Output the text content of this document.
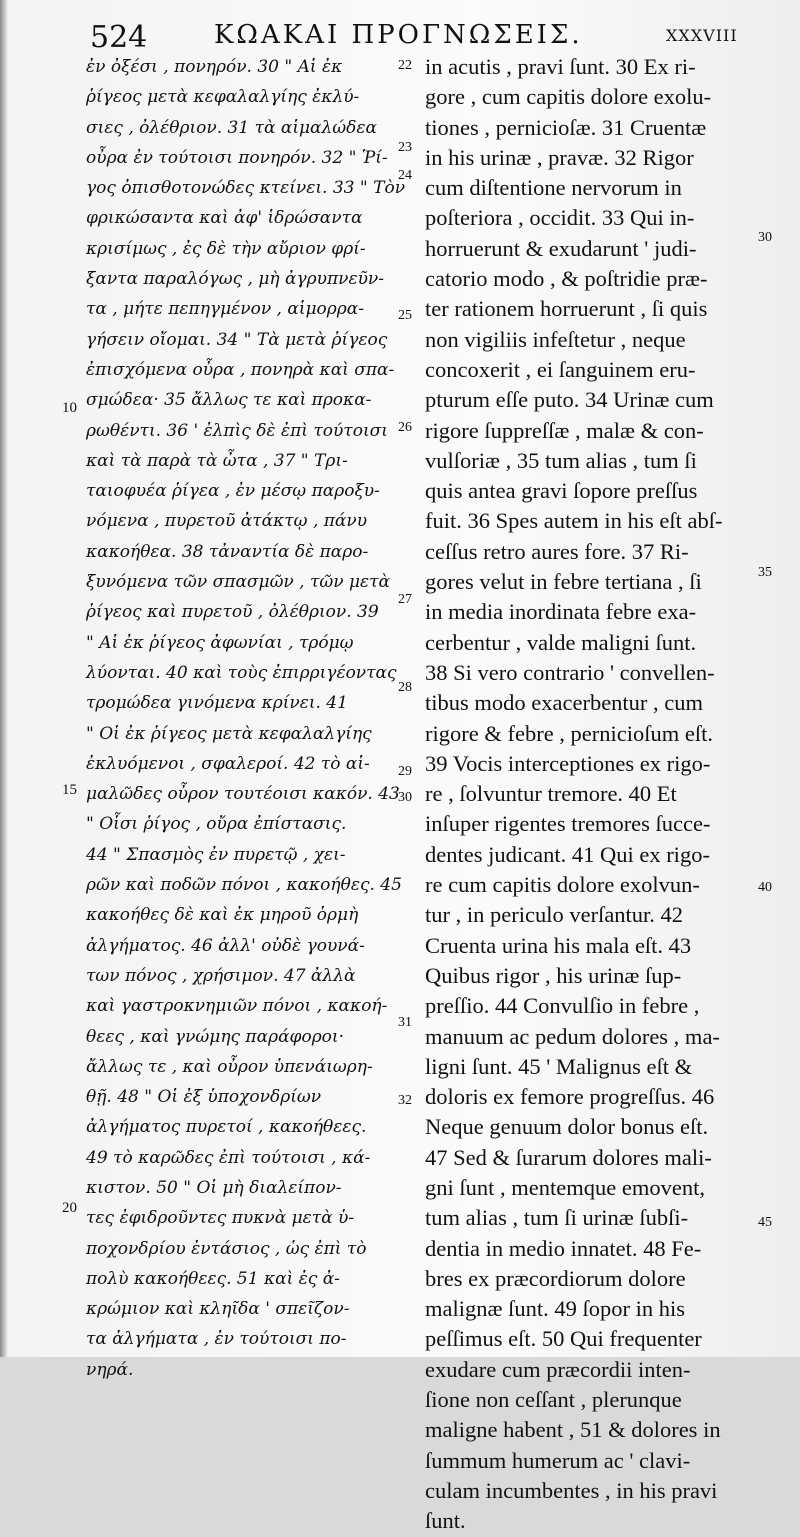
524	ΚΩΑΚΑΙ ΠΡΟΓΝΩΣΕΙΣ.	XXXVIII
ἐν ὀξέσι , πονηρόν. 30 " Αἱ ἐκ
ῥίγεος μετὰ κεφαλαλγίης ἐκλύ-
σιες , ὀλέθριον. 31 τὰ αἱμαλώδεα
οὖρα ἐν τούτοισι πονηρόν. 32 " Ῥί-
γος ὀπισθοτονώδες κτείνει. 33 " Τὸν
φρικώσαντα καὶ ἀφ' ἱδρώσαντα
κρισίμως , ἐς δὲ τὴν αὔριον φρί-
ξαντα παραλόγως , μὴ ἀγρυπνεῦν-
τα , μήτε πεπηγμένον , αἱμορρα-
γήσειν οἴομαι. 34 " Τὰ μετὰ ῥίγεος
ἐπισχόμενα οὖρα , πονηρὰ καὶ σπα-
σμώδεα· 35 ἄλλως τε καὶ προκα-
ρωθέντι. 36 ' ἐλπὶς δὲ ἐπὶ τούτοισι
καὶ τὰ παρὰ τὰ ὦτα , 37 " Τρι-
ταιοφυέα ῥίγεα , ἐν μέσῳ παροξυ-
νόμενα , πυρετοῦ ἀτάκτῳ , πάνυ
κακοήθεα. 38 τἀναντία δὲ παρο-
ξυνόμενα τῶν σπασμῶν , τῶν μετὰ
ῥίγεος καὶ πυρετοῦ , ὀλέθριον. 39
" Αἱ ἐκ ῥίγεος ἀφωνίαι , τρόμῳ
λύονται. 40 καὶ τοὺς ἐπιρριγέοντας
τρομώδεα γινόμενα κρίνει. 41
" Οἱ ἐκ ῥίγεος μετὰ κεφαλαλγίης
ἐκλυόμενοι , σφαλεροί. 42 τὸ αἱ-
μαλῶδες οὖρον τουτέοισι κακόν. 43
" Οἷσι ῥίγος , οὔρα ἐπίστασις.
44 " Σπασμὸς ἐν πυρετῷ , χει-
ρῶν καὶ ποδῶν πόνοι , κακοήθες. 45
κακοήθες δὲ καὶ ἐκ μηροῦ ὁρμὴ
ἀλγήματος. 46 ἀλλ' οὐδὲ γουνά-
των πόνος , χρήσιμον. 47 ἀλλὰ
καὶ γαστροκνημιῶν πόνοι , κακοή-
θεες , καὶ γνώμης παράφοροι·
ἄλλως τε , καὶ οὖρον ὑπενάιωρη-
θῇ. 48 " Οἱ ἐξ ὑποχονδρίων
ἀλγήματος πυρετοί , κακοήθεες.
49 τὸ καρῶδες ἐπὶ τούτοισι , κά-
κιστον. 50 " Οἱ μὴ διαλείπον-
τες ἐφιδροῦντες πυκνὰ μετὰ ὑ-
ποχονδρίου ἐντάσιος , ὡς ἐπὶ τὸ
πολὺ κακοήθεες. 51 καὶ ἐς ἀ-
κρώμιον καὶ κληῖδα ' σπεῖζον-
τα ἀλγήματα , ἐν τούτοισι πο-
νηρά.
in acutis , pravi ſunt. 30 Ex ri-
gore , cum capitis dolore exolu-
tiones , pernicioſæ. 31 Cruentæ
in his urinæ , pravæ. 32 Rigor
cum diſtentione nervorum in
poſteriora , occidit. 33 Qui in-
horruerunt & exudarunt ' judi-
catorio modo , & poſtridie præ-
ter rationem horruerunt , ſi quis
non vigiliis infeſtetur , neque
concoxerit , ei ſanguinem eru-
pturum eſſe puto. 34 Urinæ cum
rigore ſuppreſſæ , malæ & con-
vulſoriæ , 35 tum alias , tum ſi
quis antea gravi ſopore preſſus
fuit. 36 Spes autem in his eſt abſ-
ceſſus retro aures fore. 37 Ri-
gores velut in febre tertiana , ſi
in media inordinata febre exa-
cerbentur , valde maligni ſunt.
38 Si vero contrario ' convellen-
tibus modo exacerbentur , cum
rigore & febre , pernicioſum eſt.
39 Vocis interceptiones ex rigo-
re , ſolvuntur tremore. 40 Et
inſuper rigentes tremores ſucce-
dentes judicant. 41 Qui ex rigo-
re cum capitis dolore exolvun-
tur , in periculo verſantur. 42
Cruenta urina his mala eſt. 43
Quibus rigor , his urinæ ſup-
preſſio. 44 Convulſio in febre ,
manuum ac pedum dolores , ma-
ligni ſunt. 45 ' Malignus eſt &
doloris ex femore progreſſus. 46
Neque genuum dolor bonus eſt.
47 Sed & ſurarum dolores mali-
gni ſunt , mentemque emovent,
tum alias , tum ſi urinæ ſubſi-
dentia in medio innatet. 48 Fe-
bres ex præcordiorum dolore
malignæ ſunt. 49 ſopor in his
peſſimus eſt. 50 Qui frequenter
exudare cum præcordii inten-
ſione non ceſſant , plerunque
maligne habent , 51 & dolores in
ſummum humerum ac ' clavi-
culam incumbentes , in his pravi
ſunt.
10
15
20
22
23
24
25
26
27
28
29
30
31
32
30
35
40
45
